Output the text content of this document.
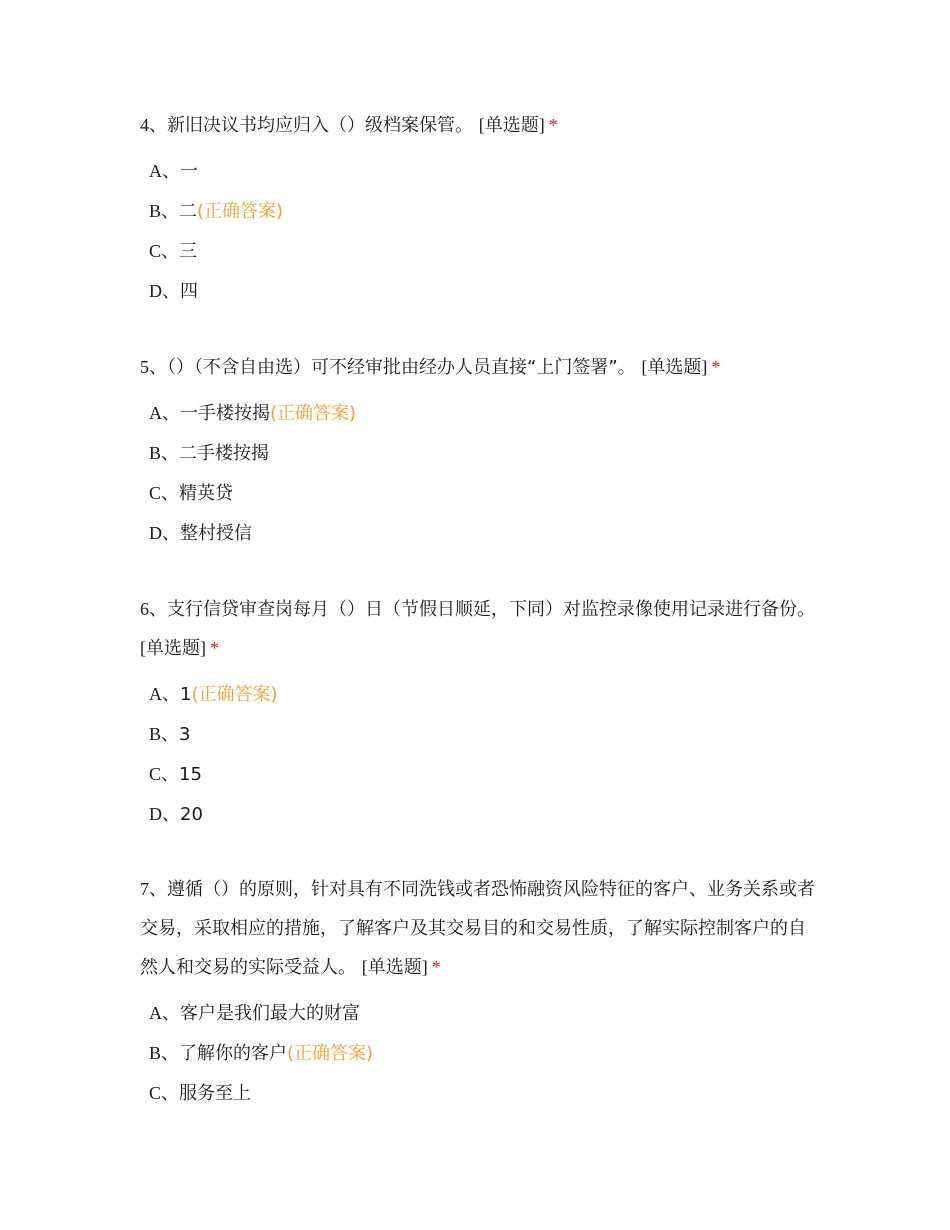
4、新旧决议书均应归入（）级档案保管。 [单选题] *

A、一
B、二(正确答案)
C、三
D、四

5、（）（不含自由选）可不经审批由经办人员直接“上门签署”。 [单选题] *

A、一手楼按揭(正确答案)
B、二手楼按揭
C、精英贷
D、整村授信

6、支行信贷审查岗每月（）日（节假日顺延，下同）对监控录像使用记录进行备份。 [单选题] *

A、1(正确答案)
B、3
C、15
D、20

7、遵循（）的原则，针对具有不同洗钱或者恐怖融资风险特征的客户、业务关系或者交易，采取相应的措施，了解客户及其交易目的和交易性质，了解实际控制客户的自然人和交易的实际受益人。 [单选题] *

A、客户是我们最大的财富
B、了解你的客户(正确答案)
C、服务至上
